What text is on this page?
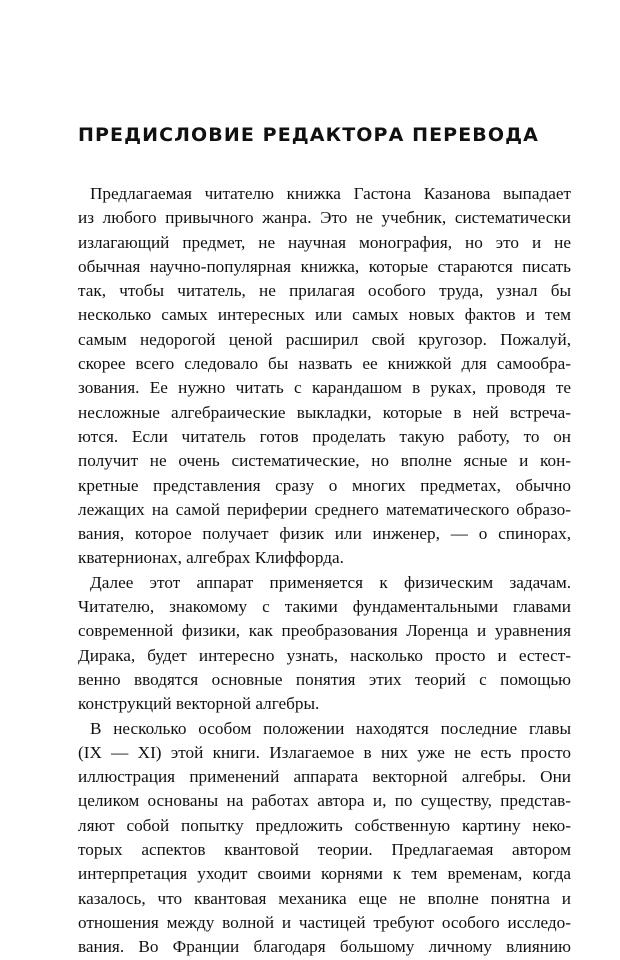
ПРЕДИСЛОВИЕ РЕДАКТОРА ПЕРЕВОДА
Предлагаемая читателю книжка Гастона Казанова выпадает
из любого привычного жанра. Это не учебник, систематически
излагающий предмет, не научная монография, но это и не
обычная научно-популярная книжка, которые стараются писать
так, чтобы читатель, не прилагая особого труда, узнал бы
несколько самых интересных или самых новых фактов и тем
самым недорогой ценой расширил свой кругозор. Пожалуй,
скорее всего следовало бы назвать ее книжкой для самообра-
зования. Ее нужно читать с карандашом в руках, проводя те
несложные алгебраические выкладки, которые в ней встреча-
ются. Если читатель готов проделать такую работу, то он
получит не очень систематические, но вполне ясные и кон-
кретные представления сразу о многих предметах, обычно
лежащих на самой периферии среднего математического образо-
вания, которое получает физик или инженер, — о спинорах,
кватернионах, алгебрах Клиффорда.
Далее этот аппарат применяется к физическим задачам.
Читателю, знакомому с такими фундаментальными главами
современной физики, как преобразования Лоренца и уравнения
Дирака, будет интересно узнать, насколько просто и естест-
венно вводятся основные понятия этих теорий с помощью
конструкций векторной алгебры.
В несколько особом положении находятся последние главы
(IX — XI) этой книги. Излагаемое в них уже не есть просто
иллюстрация применений аппарата векторной алгебры. Они
целиком основаны на работах автора и, по существу, представ-
ляют собой попытку предложить собственную картину неко-
торых аспектов квантовой теории. Предлагаемая автором
интерпретация уходит своими корнями к тем временам, когда
казалось, что квантовая механика еще не вполне понятна и
отношения между волной и частицей требуют особого исследо-
вания. Во Франции благодаря большому личному влиянию
